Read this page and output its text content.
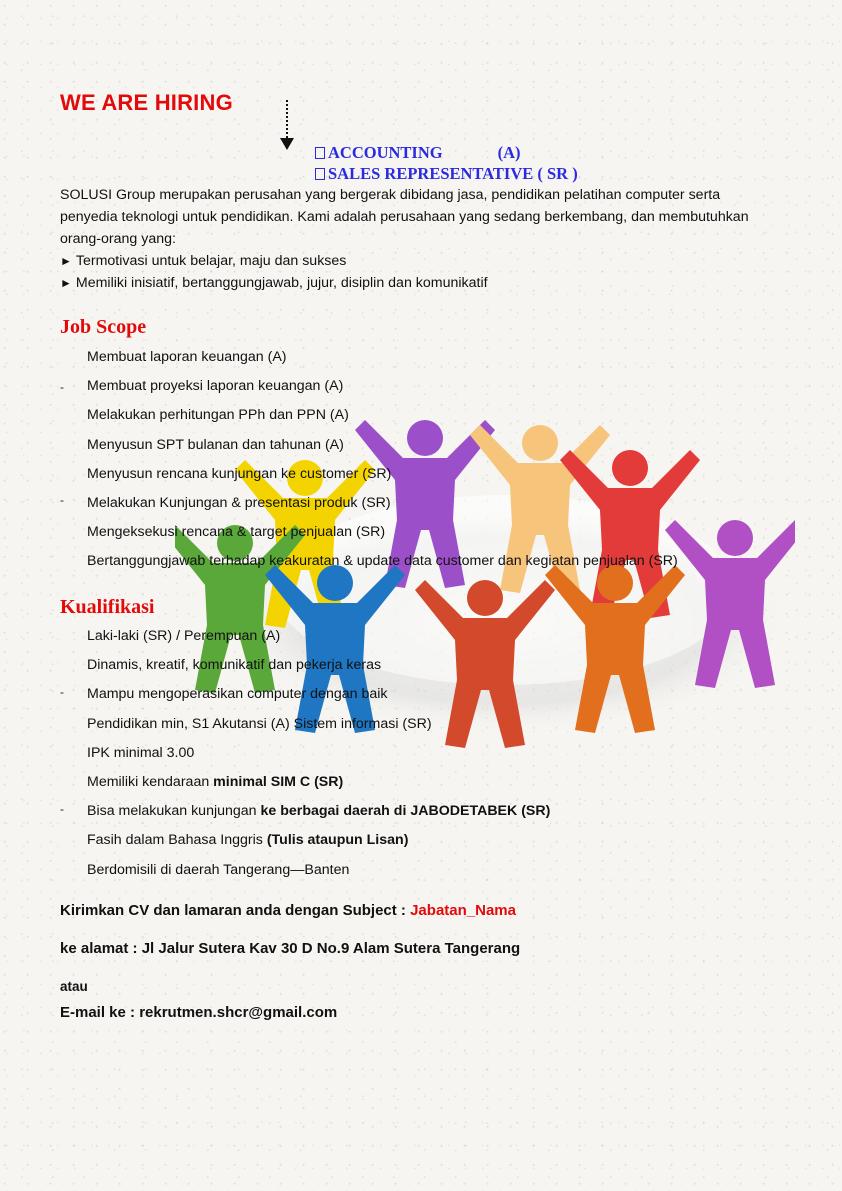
WE ARE HIRING
ACCOUNTING	(A)
SALES REPRESENTATIVE ( SR )
SOLUSI Group merupakan perusahan yang bergerak dibidang jasa, pendidikan pelatihan computer serta penyedia teknologi untuk pendidikan. Kami adalah perusahaan yang sedang berkembang, dan membutuhkan orang-orang yang:
► Termotivasi untuk belajar, maju dan sukses
► Memiliki inisiatif, bertanggungjawab, jujur, disiplin dan komunikatif
Job Scope
-
-
Membuat laporan keuangan (A)
Membuat proyeksi laporan keuangan (A)
Melakukan perhitungan PPh dan PPN (A)
Menyusun SPT bulanan dan tahunan (A)
Menyusun rencana kunjungan ke customer (SR)
Melakukan Kunjungan & presentasi produk (SR)
Mengeksekusi rencana & target penjualan (SR)
Bertanggungjawab terhadap keakuratan & update data customer dan kegiatan penjualan (SR)
Kualifikasi
-
-
Laki-laki (SR) / Perempuan (A)
Dinamis, kreatif, komunikatif dan pekerja keras
Mampu mengoperasikan computer dengan baik
Pendidikan min, S1 Akutansi (A) Sistem informasi (SR)
IPK minimal 3.00
Memiliki kendaraan minimal SIM C (SR)
Bisa melakukan kunjungan ke berbagai daerah di JABODETABEK (SR)
Fasih dalam Bahasa Inggris (Tulis ataupun Lisan)
Berdomisili di daerah Tangerang—Banten
Kirimkan CV dan lamaran anda dengan Subject : Jabatan_Nama
ke alamat : Jl Jalur Sutera Kav 30 D No.9 Alam Sutera Tangerang
atau
E-mail ke : rekrutmen.shcr@gmail.com
